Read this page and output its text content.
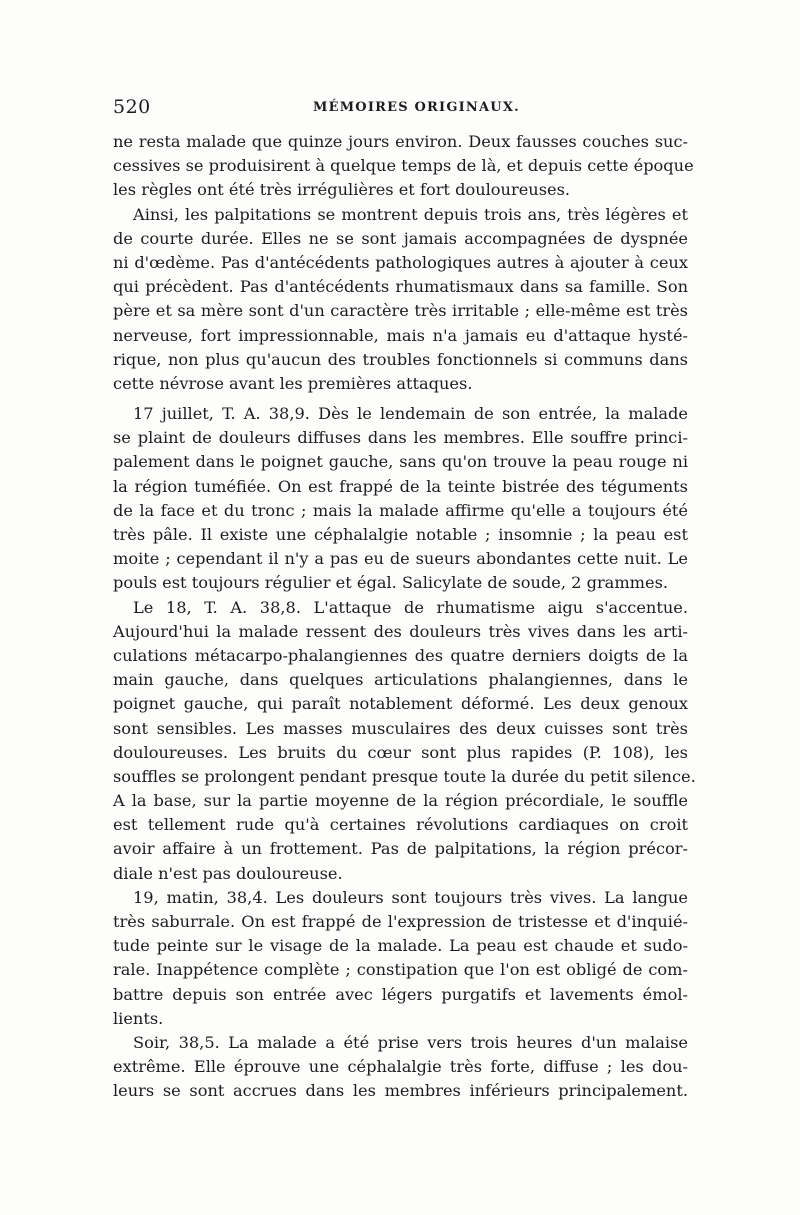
520	MÉMOIRES ORIGINAUX.
ne resta malade que quinze jours environ. Deux fausses couches suc-
cessives se produisirent à quelque temps de là, et depuis cette époque
les règles ont été très irrégulières et fort douloureuses.
Ainsi, les palpitations se montrent depuis trois ans, très légères et
de courte durée. Elles ne se sont jamais accompagnées de dyspnée
ni d'œdème. Pas d'antécédents pathologiques autres à ajouter à ceux
qui précèdent. Pas d'antécédents rhumatismaux dans sa famille. Son
père et sa mère sont d'un caractère très irritable ; elle-même est très
nerveuse, fort impressionnable, mais n'a jamais eu d'attaque hysté-
rique, non plus qu'aucun des troubles fonctionnels si communs dans
cette névrose avant les premières attaques.
17 juillet, T. A. 38,9. Dès le lendemain de son entrée, la malade
se plaint de douleurs diffuses dans les membres. Elle souffre princi-
palement dans le poignet gauche, sans qu'on trouve la peau rouge ni
la région tuméfiée. On est frappé de la teinte bistrée des téguments
de la face et du tronc ; mais la malade affirme qu'elle a toujours été
très pâle. Il existe une céphalalgie notable ; insomnie ; la peau est
moite ; cependant il n'y a pas eu de sueurs abondantes cette nuit. Le
pouls est toujours régulier et égal. Salicylate de soude, 2 grammes.
Le 18, T. A. 38,8. L'attaque de rhumatisme aigu s'accentue.
Aujourd'hui la malade ressent des douleurs très vives dans les arti-
culations métacarpo-phalangiennes des quatre derniers doigts de la
main gauche, dans quelques articulations phalangiennes, dans le
poignet gauche, qui paraît notablement déformé. Les deux genoux
sont sensibles. Les masses musculaires des deux cuisses sont très
douloureuses. Les bruits du cœur sont plus rapides (P. 108), les
souffles se prolongent pendant presque toute la durée du petit silence.
A la base, sur la partie moyenne de la région précordiale, le souffle
est tellement rude qu'à certaines révolutions cardiaques on croit
avoir affaire à un frottement. Pas de palpitations, la région précor-
diale n'est pas douloureuse.
19, matin, 38,4. Les douleurs sont toujours très vives. La langue
très saburrale. On est frappé de l'expression de tristesse et d'inquié-
tude peinte sur le visage de la malade. La peau est chaude et sudo-
rale. Inappétence complète ; constipation que l'on est obligé de com-
battre depuis son entrée avec légers purgatifs et lavements émol-
lients.
Soir, 38,5. La malade a été prise vers trois heures d'un malaise
extrême. Elle éprouve une céphalalgie très forte, diffuse ; les dou-
leurs se sont accrues dans les membres inférieurs principalement.
